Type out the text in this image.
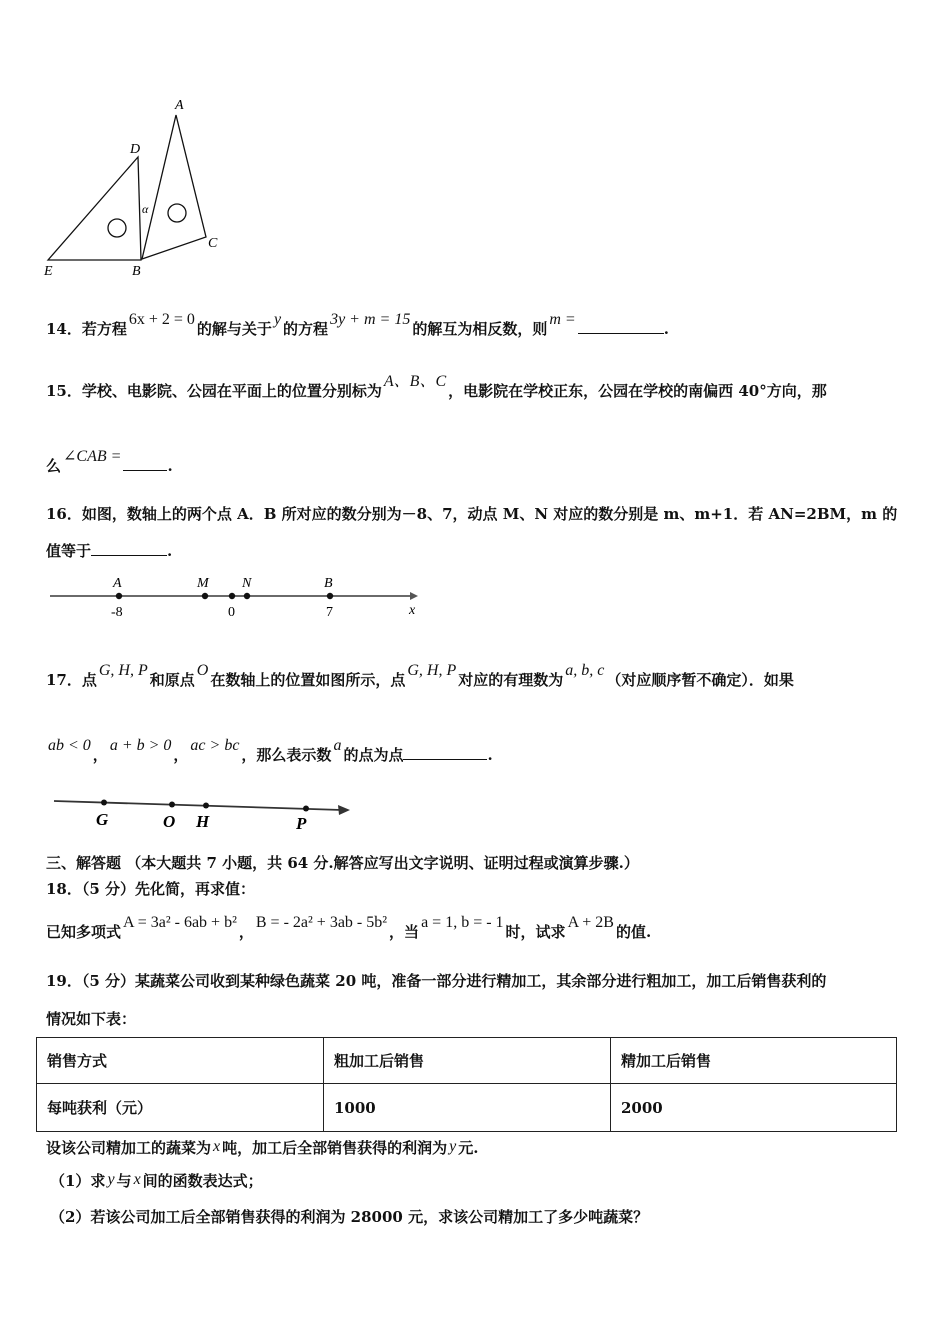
A
D
E	B
C
α
14．若方程6x + 2 = 0的解与关于y的方程3y + m = 15的解互为相反数，则m =.
15．学校、电影院、公园在平面上的位置分别标为A、B、C，电影院在学校正东，公园在学校的南偏西 40°方向，那
么∠CAB =.
16．如图，数轴上的两个点 A．B 所对应的数分别为－8、7，动点 M、N 对应的数分别是 m、m+1．若 AN=2BM，m 的
值等于	.
A	M N	B
-8	0	7	x
17．点G, H, P和原点O在数轴上的位置如图所示，点G, H, P对应的有理数为a, b, c（对应顺序暂不确定）．如果
ab < 0，a + b > 0，ac > bc，那么表示数a的点为点	.
G	O H	P
三、解答题 （本大题共 7 小题，共 64 分.解答应写出文字说明、证明过程或演算步骤.）
18．（5 分）先化简，再求值：
已知多项式A = 3a² - 6ab + b²，B = - 2a² + 3ab - 5b²，当a = 1, b = - 1时，试求A + 2B的值.
19．（5 分）某蔬菜公司收到某种绿色蔬菜 20 吨，准备一部分进行精加工，其余部分进行粗加工，加工后销售获利的
情况如下表：
销售方式	粗加工后销售	精加工后销售
每吨获利（元）	1000	2000
设该公司精加工的蔬菜为 x 吨，加工后全部销售获得的利润为 y 元.
（1）求 y 与 x 间的函数表达式；
（2）若该公司加工后全部销售获得的利润为 28000 元，求该公司精加工了多少吨蔬菜？
